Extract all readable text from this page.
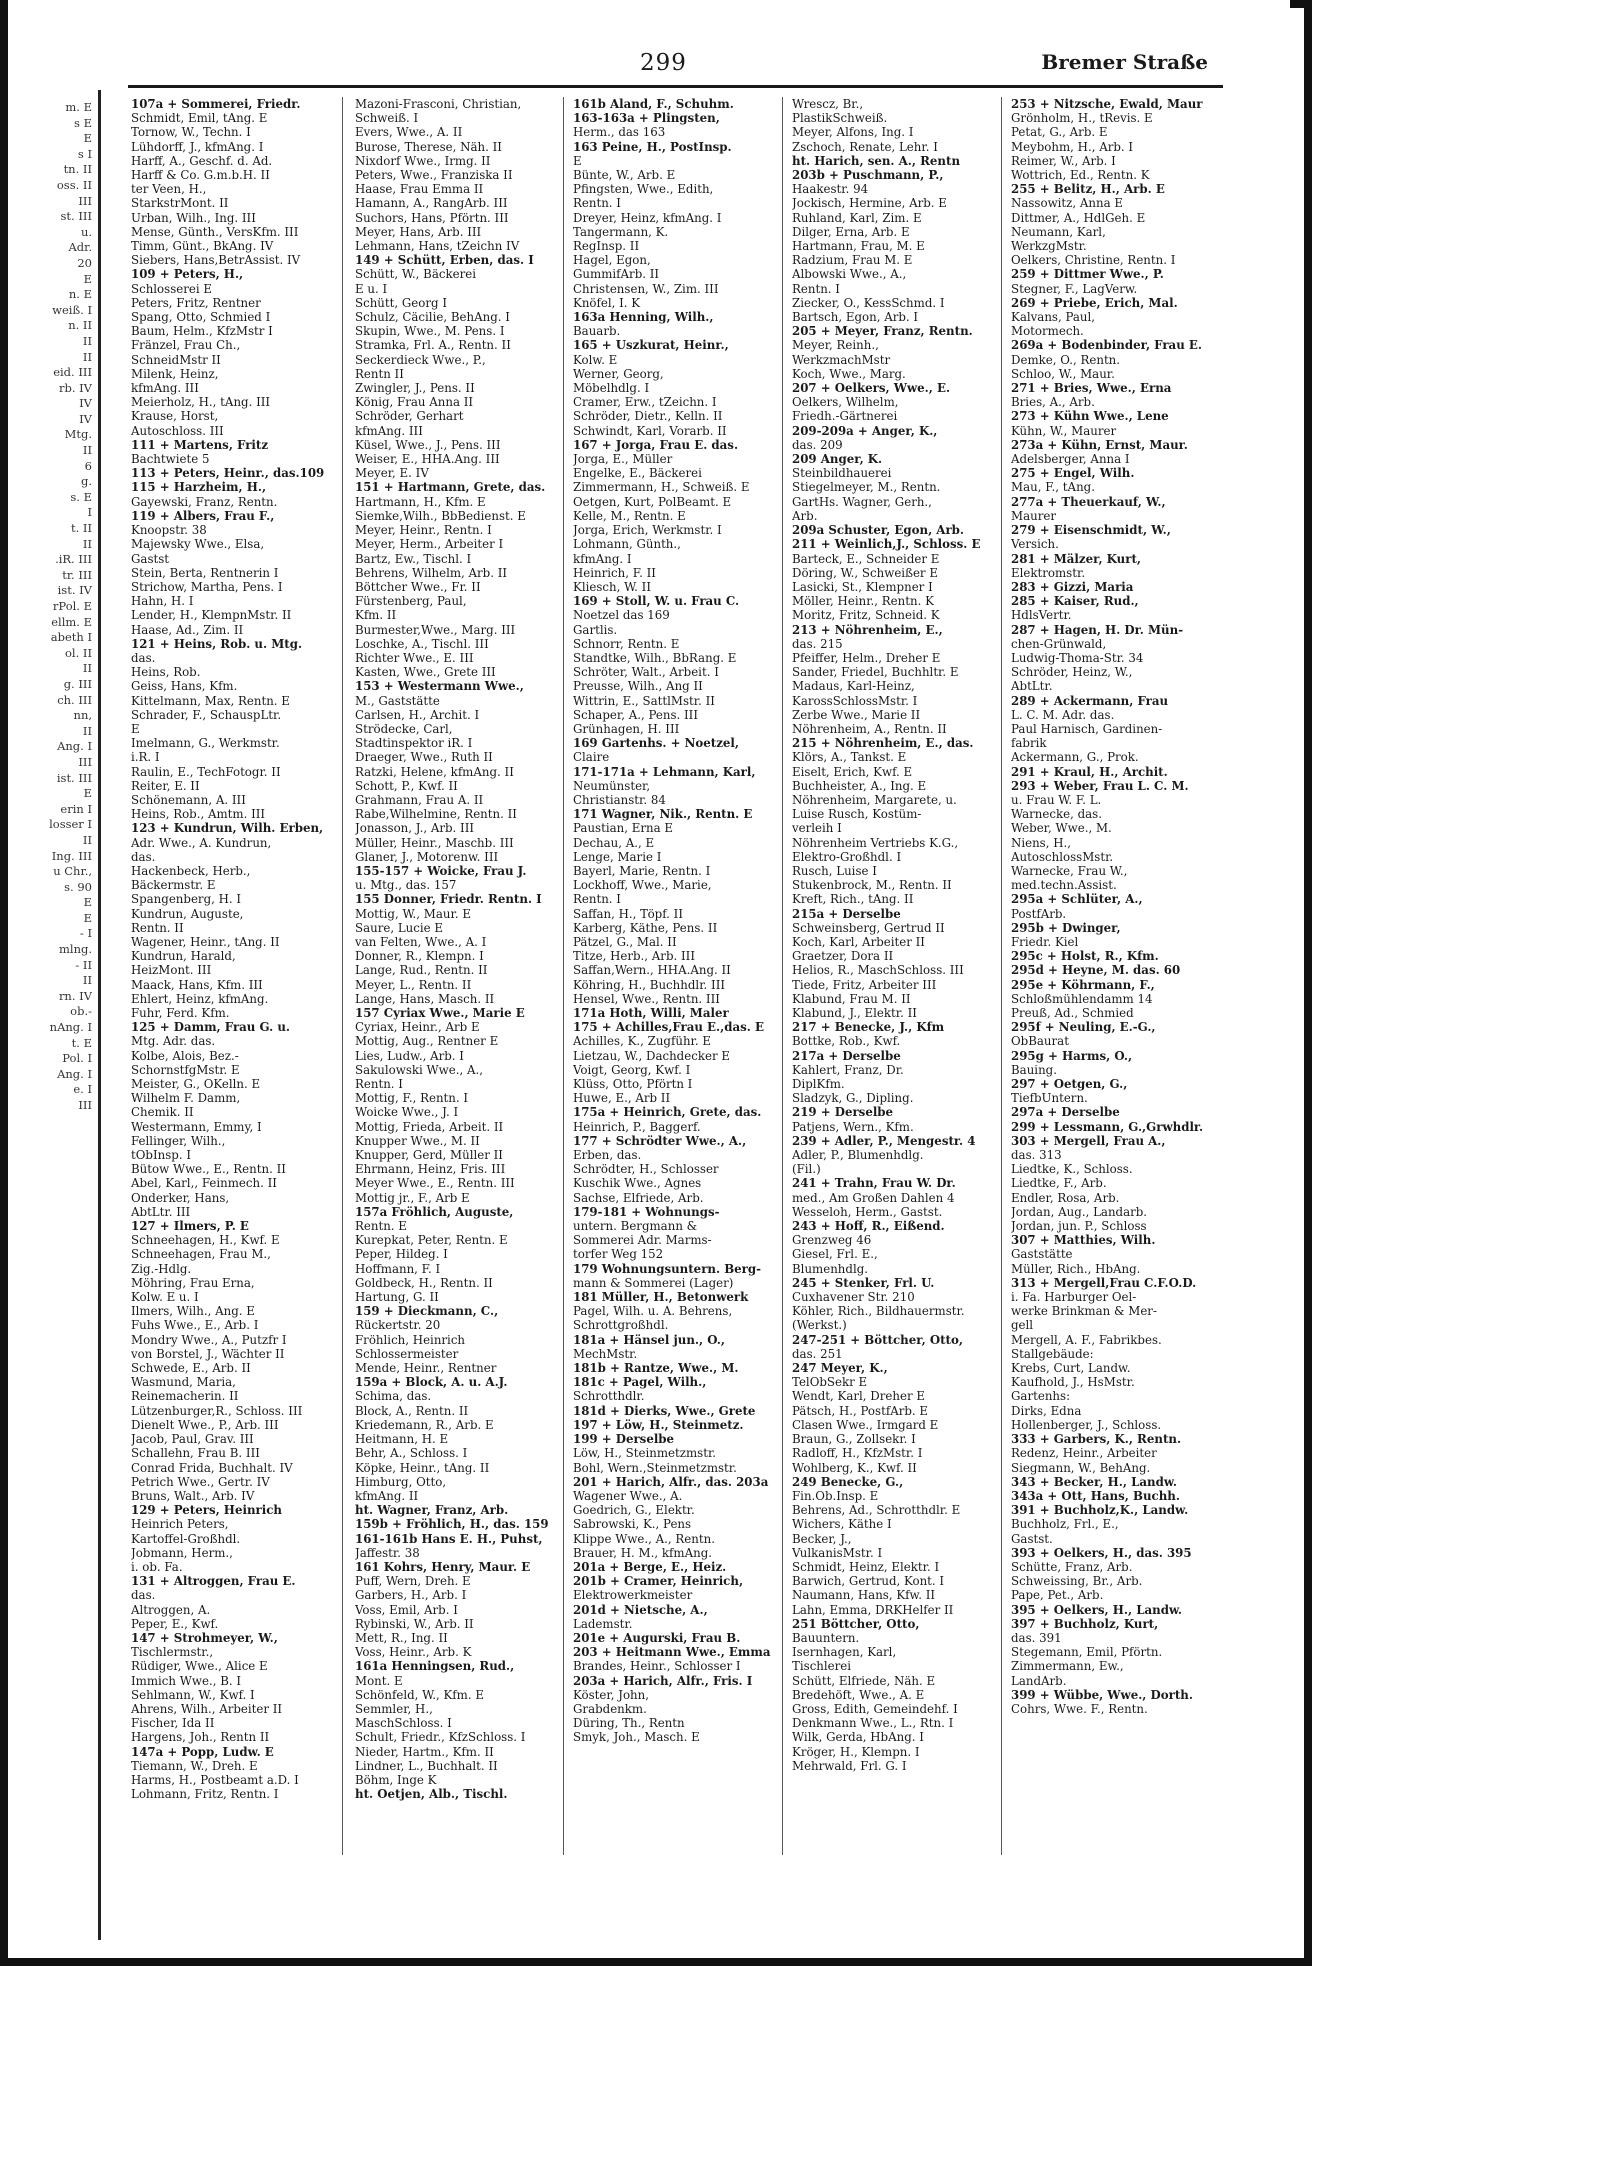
m. E
s E
E
s I
tn. II
oss. II
III
st. III
u.
Adr.
20
E
n. E
weiß. I
n. II
II
II
eid. III
rb. IV
IV
IV
Mtg.
II
6
g.
s. E
I
t. II
II
.iR. III
tr. III
ist. IV
rPol. E
ellm. E
abeth I
ol. II
II
g. III
ch. III
nn,
II
Ang. I
III
ist. III
E
erin I
losser I
II
Ing. III
u Chr.,
s. 90
E
E
- I
mlng.
- II
II
rn. IV
ob.-
nAng. I
t. E
Pol. I
Ang. I
e. I
III
299	Bremer Straße
107a + Sommerei, Friedr.
Schmidt, Emil, tAng. E
Tornow, W., Techn. I
Lühdorff, J., kfmAng. I
Harff, A., Geschf. d. Ad.
Harff & Co. G.m.b.H. II
ter Veen, H.,
StarkstrMont. II
Urban, Wilh., Ing. III
Mense, Günth., VersKfm. III
Timm, Günt., BkAng. IV
Siebers, Hans,BetrAssist. IV
109 + Peters, H.,
Schlosserei E
Peters, Fritz, Rentner
Spang, Otto, Schmied I
Baum, Helm., KfzMstr I
Fränzel, Frau Ch.,
SchneidMstr II
Milenk, Heinz,
kfmAng. III
Meierholz, H., tAng. III
Krause, Horst,
Autoschloss. III
111 + Martens, Fritz
Bachtwiete 5
113 + Peters, Heinr., das.109
115 + Harzheim, H.,
Gayewski, Franz, Rentn.
119 + Albers, Frau F.,
Knoopstr. 38
Majewsky Wwe., Elsa,
Gastst
Stein, Berta, Rentnerin I
Strichow, Martha, Pens. I
Hahn, H. I
Lender, H., KlempnMstr. II
Haase, Ad., Zim. II
121 + Heins, Rob. u. Mtg.
das.
Heins, Rob.
Geiss, Hans, Kfm.
Kittelmann, Max, Rentn. E
Schrader, F., SchauspLtr.
E
Imelmann, G., Werkmstr.
i.R. I
Raulin, E., TechFotogr. II
Reiter, E. II
Schönemann, A. III
Heins, Rob., Amtm. III
123 + Kundrun, Wilh. Erben,
Adr. Wwe., A. Kundrun,
das.
Hackenbeck, Herb.,
Bäckermstr. E
Spangenberg, H. I
Kundrun, Auguste,
Rentn. II
Wagener, Heinr., tAng. II
Kundrun, Harald,
HeizMont. III
Maack, Hans, Kfm. III
Ehlert, Heinz, kfmAng.
Fuhr, Ferd. Kfm.
125 + Damm, Frau G. u.
Mtg. Adr. das.
Kolbe, Alois, Bez.-
SchornstfgMstr. E
Meister, G., OKelln. E
Wilhelm F. Damm,
Chemik. II
Westermann, Emmy, I
Fellinger, Wilh.,
tObInsp. I
Bütow Wwe., E., Rentn. II
Abel, Karl,, Feinmech. II
Onderker, Hans,
AbtLtr. III
127 + Ilmers, P. E
Schneehagen, H., Kwf. E
Schneehagen, Frau M.,
Zig.-Hdlg.
Möhring, Frau Erna,
Kolw. E u. I
Ilmers, Wilh., Ang. E
Fuhs Wwe., E., Arb. I
Mondry Wwe., A., Putzfr I
von Borstel, J., Wächter II
Schwede, E., Arb. II
Wasmund, Maria,
Reinemacherin. II
Lützenburger,R., Schloss. III
Dienelt Wwe., P., Arb. III
Jacob, Paul, Grav. III
Schallehn, Frau B. III
Conrad Frida, Buchhalt. IV
Petrich Wwe., Gertr. IV
Bruns, Walt., Arb. IV
129 + Peters, Heinrich
Heinrich Peters,
Kartoffel-Großhdl.
Jobmann, Herm.,
i. ob. Fa.
131 + Altroggen, Frau E.
das.
Altroggen, A.
Peper, E., Kwf.
147 + Strohmeyer, W.,
Tischlermstr.,
Rüdiger, Wwe., Alice E
Immich Wwe., B. I
Sehlmann, W., Kwf. I
Ahrens, Wilh., Arbeiter II
Fischer, Ida II
Hargens, Joh., Rentn II
147a + Popp, Ludw. E
Tiemann, W., Dreh. E
Harms, H., Postbeamt a.D. I
Lohmann, Fritz, Rentn. I
Mazoni-Frasconi, Christian,
Schweiß. I
Evers, Wwe., A. II
Burose, Therese, Näh. II
Nixdorf Wwe., Irmg. II
Peters, Wwe., Franziska II
Haase, Frau Emma II
Hamann, A., RangArb. III
Suchors, Hans, Pförtn. III
Meyer, Hans, Arb. III
Lehmann, Hans, tZeichn IV
149 + Schütt, Erben, das. I
Schütt, W., Bäckerei
E u. I
Schütt, Georg I
Schulz, Cäcilie, BehAng. I
Skupin, Wwe., M. Pens. I
Stramka, Frl. A., Rentn. II
Seckerdieck Wwe., P.,
Rentn II
Zwingler, J., Pens. II
König, Frau Anna II
Schröder, Gerhart
kfmAng. III
Küsel, Wwe., J., Pens. III
Weiser, E., HHA.Ang. III
Meyer, E. IV
151 + Hartmann, Grete, das.
Hartmann, H., Kfm. E
Siemke,Wilh., BbBedienst. E
Meyer, Heinr., Rentn. I
Meyer, Herm., Arbeiter I
Bartz, Ew., Tischl. I
Behrens, Wilhelm, Arb. II
Böttcher Wwe., Fr. II
Fürstenberg, Paul,
Kfm. II
Burmester,Wwe., Marg. III
Loschke, A., Tischl. III
Richter Wwe., E. III
Kasten, Wwe., Grete III
153 + Westermann Wwe.,
M., Gaststätte
Carlsen, H., Archit. I
Strödecke, Carl,
Stadtinspektor iR. I
Draeger, Wwe., Ruth II
Ratzki, Helene, kfmAng. II
Schott, P., Kwf. II
Grahmann, Frau A. II
Rabe,Wilhelmine, Rentn. II
Jonasson, J., Arb. III
Müller, Heinr., Maschb. III
Glaner, J., Motorenw. III
155-157 + Woicke, Frau J.
u. Mtg., das. 157
155 Donner, Friedr. Rentn. I
Mottig, W., Maur. E
Saure, Lucie E
van Felten, Wwe., A. I
Donner, R., Klempn. I
Lange, Rud., Rentn. II
Meyer, L., Rentn. II
Lange, Hans, Masch. II
157 Cyriax Wwe., Marie E
Cyriax, Heinr., Arb E
Mottig, Aug., Rentner E
Lies, Ludw., Arb. I
Sakulowski Wwe., A.,
Rentn. I
Mottig, F., Rentn. I
Woicke Wwe., J. I
Mottig, Frieda, Arbeit. II
Knupper Wwe., M. II
Knupper, Gerd, Müller II
Ehrmann, Heinz, Fris. III
Meyer Wwe., E., Rentn. III
Mottig jr., F., Arb E
157a Fröhlich, Auguste,
Rentn. E
Kurepkat, Peter, Rentn. E
Peper, Hildeg. I
Hoffmann, F. I
Goldbeck, H., Rentn. II
Hartung, G. II
159 + Dieckmann, C.,
Rückertstr. 20
Fröhlich, Heinrich
Schlossermeister
Mende, Heinr., Rentner
159a + Block, A. u. A.J.
Schima, das.
Block, A., Rentn. II
Kriedemann, R., Arb. E
Heitmann, H. E
Behr, A., Schloss. I
Köpke, Heinr., tAng. II
Himburg, Otto,
kfmAng. II
ht. Wagner, Franz, Arb.
159b + Fröhlich, H., das. 159
161-161b Hans E. H., Puhst,
Jaffestr. 38
161 Kohrs, Henry, Maur. E
Puff, Wern, Dreh. E
Garbers, H., Arb. I
Voss, Emil, Arb. I
Rybinski, W., Arb. II
Mett, R., Ing. II
Voss, Heinr., Arb. K
161a Henningsen, Rud.,
Mont. E
Schönfeld, W., Kfm. E
Semmler, H.,
MaschSchloss. I
Schult, Friedr., KfzSchloss. I
Nieder, Hartm., Kfm. II
Lindner, L., Buchhalt. II
Böhm, Inge K
ht. Oetjen, Alb., Tischl.
161b Aland, F., Schuhm.
163-163a + Plingsten,
Herm., das 163
163 Peine, H., PostInsp.
E
Bünte, W., Arb. E
Pfingsten, Wwe., Edith,
Rentn. I
Dreyer, Heinz, kfmAng. I
Tangermann, K.
RegInsp. II
Hagel, Egon,
GummifArb. II
Christensen, W., Zim. III
Knöfel, I. K
163a Henning, Wilh.,
Bauarb.
165 + Uszkurat, Heinr.,
Kolw. E
Werner, Georg,
Möbelhdlg. I
Cramer, Erw., tZeichn. I
Schröder, Dietr., Kelln. II
Schwindt, Karl, Vorarb. II
167 + Jorga, Frau E. das.
Jorga, E., Müller
Engelke, E., Bäckerei
Zimmermann, H., Schweiß. E
Oetgen, Kurt, PolBeamt. E
Kelle, M., Rentn. E
Jorga, Erich, Werkmstr. I
Lohmann, Günth.,
kfmAng. I
Heinrich, F. II
Kliesch, W. II
169 + Stoll, W. u. Frau C.
Noetzel das 169
Gartlis.
Schnorr, Rentn. E
Standtke, Wilh., BbRang. E
Schröter, Walt., Arbeit. I
Preusse, Wilh., Ang II
Wittrin, E., SattlMstr. II
Schaper, A., Pens. III
Grünhagen, H. III
169 Gartenhs. + Noetzel,
Claire
171-171a + Lehmann, Karl,
Neumünster,
Christianstr. 84
171 Wagner, Nik., Rentn. E
Paustian, Erna E
Dechau, A., E
Lenge, Marie I
Bayerl, Marie, Rentn. I
Lockhoff, Wwe., Marie,
Rentn. I
Saffan, H., Töpf. II
Karberg, Käthe, Pens. II
Pätzel, G., Mal. II
Titze, Herb., Arb. III
Saffan,Wern., HHA.Ang. II
Köhring, H., Buchhdlr. III
Hensel, Wwe., Rentn. III
171a Hoth, Willi, Maler
175 + Achilles,Frau E.,das. E
Achilles, K., Zugführ. E
Lietzau, W., Dachdecker E
Voigt, Georg, Kwf. I
Klüss, Otto, Pförtn I
Huwe, E., Arb II
175a + Heinrich, Grete, das.
Heinrich, P., Baggerf.
177 + Schrödter Wwe., A.,
Erben, das.
Schrödter, H., Schlosser
Kuschik Wwe., Agnes
Sachse, Elfriede, Arb.
179-181 + Wohnungs-
untern. Bergmann &
Sommerei Adr. Marms-
torfer Weg 152
179 Wohnungsuntern. Berg-
mann & Sommerei (Lager)
181 Müller, H., Betonwerk
Pagel, Wilh. u. A. Behrens,
Schrottgroßhdl.
181a + Hänsel jun., O.,
MechMstr.
181b + Rantze, Wwe., M.
181c + Pagel, Wilh.,
Schrotthdlr.
181d + Dierks, Wwe., Grete
197 + Löw, H., Steinmetz.
199 + Derselbe
Löw, H., Steinmetzmstr.
Bohl, Wern.,Steinmetzmstr.
201 + Harich, Alfr., das. 203a
Wagener Wwe., A.
Goedrich, G., Elektr.
Sabrowski, K., Pens
Klippe Wwe., A., Rentn.
Brauer, H. M., kfmAng.
201a + Berge, E., Heiz.
201b + Cramer, Heinrich,
Elektrowerkmeister
201d + Nietsche, A.,
Lademstr.
201e + Augurski, Frau B.
203 + Heitmann Wwe., Emma
Brandes, Heinr., Schlosser I
203a + Harich, Alfr., Fris. I
Köster, John,
Grabdenkm.
Düring, Th., Rentn
Smyk, Joh., Masch. E
Wrescz, Br.,
PlastikSchweiß.
Meyer, Alfons, Ing. I
Zschoch, Renate, Lehr. I
ht. Harich, sen. A., Rentn
203b + Puschmann, P.,
Haakestr. 94
Jockisch, Hermine, Arb. E
Ruhland, Karl, Zim. E
Dilger, Erna, Arb. E
Hartmann, Frau, M. E
Radzium, Frau M. E
Albowski Wwe., A.,
Rentn. I
Ziecker, O., KessSchmd. I
Bartsch, Egon, Arb. I
205 + Meyer, Franz, Rentn.
Meyer, Reinh.,
WerkzmachMstr
Koch, Wwe., Marg.
207 + Oelkers, Wwe., E.
Oelkers, Wilhelm,
Friedh.-Gärtnerei
209-209a + Anger, K.,
das. 209
209 Anger, K.
Steinbildhauerei
Stiegelmeyer, M., Rentn.
GartHs. Wagner, Gerh.,
Arb.
209a Schuster, Egon, Arb.
211 + Weinlich,J., Schloss. E
Barteck, E., Schneider E
Döring, W., Schweißer E
Lasicki, St., Klempner I
Möller, Heinr., Rentn. K
Moritz, Fritz, Schneid. K
213 + Nöhrenheim, E.,
das. 215
Pfeiffer, Helm., Dreher E
Sander, Friedel, Buchhltr. E
Madaus, Karl-Heinz,
KarossSchlossMstr. I
Zerbe Wwe., Marie II
Nöhrenheim, A., Rentn. II
215 + Nöhrenheim, E., das.
Klörs, A., Tankst. E
Eiselt, Erich, Kwf. E
Buchheister, A., Ing. E
Nöhrenheim, Margarete, u.
Luise Rusch, Kostüm-
verleih I
Nöhrenheim Vertriebs K.G.,
Elektro-Großhdl. I
Rusch, Luise I
Stukenbrock, M., Rentn. II
Kreft, Rich., tAng. II
215a + Derselbe
Schweinsberg, Gertrud II
Koch, Karl, Arbeiter II
Graetzer, Dora II
Helios, R., MaschSchloss. III
Tiede, Fritz, Arbeiter III
Klabund, Frau M. II
Klabund, J., Elektr. II
217 + Benecke, J., Kfm
Bottke, Rob., Kwf.
217a + Derselbe
Kahlert, Franz, Dr.
DiplKfm.
Sladzyk, G., Dipling.
219 + Derselbe
Patjens, Wern., Kfm.
239 + Adler, P., Mengestr. 4
Adler, P., Blumenhdlg.
(Fil.)
241 + Trahn, Frau W. Dr.
med., Am Großen Dahlen 4
Wesseloh, Herm., Gastst.
243 + Hoff, R., Eißend.
Grenzweg 46
Giesel, Frl. E.,
Blumenhdlg.
245 + Stenker, Frl. U.
Cuxhavener Str. 210
Köhler, Rich., Bildhauermstr.
(Werkst.)
247-251 + Böttcher, Otto,
das. 251
247 Meyer, K.,
TelObSekr E
Wendt, Karl, Dreher E
Pätsch, H., PostfArb. E
Clasen Wwe., Irmgard E
Braun, G., Zollsekr. I
Radloff, H., KfzMstr. I
Wohlberg, K., Kwf. II
249 Benecke, G.,
Fin.Ob.Insp. E
Behrens, Ad., Schrotthdlr. E
Wichers, Käthe I
Becker, J.,
VulkanisMstr. I
Schmidt, Heinz, Elektr. I
Barwich, Gertrud, Kont. I
Naumann, Hans, Kfw. II
Lahn, Emma, DRKHelfer II
251 Böttcher, Otto,
Bauuntern.
Isernhagen, Karl,
Tischlerei
Schütt, Elfriede, Näh. E
Bredehöft, Wwe., A. E
Gross, Edith, Gemeindehf. I
Denkmann Wwe., L., Rtn. I
Wilk, Gerda, HbAng. I
Kröger, H., Klempn. I
Mehrwald, Frl. G. I
253 + Nitzsche, Ewald, Maur
Grönholm, H., tRevis. E
Petat, G., Arb. E
Meybohm, H., Arb. I
Reimer, W., Arb. I
Wottrich, Ed., Rentn. K
255 + Belitz, H., Arb. E
Nassowitz, Anna E
Dittmer, A., HdlGeh. E
Neumann, Karl,
WerkzgMstr.
Oelkers, Christine, Rentn. I
259 + Dittmer Wwe., P.
Stegner, F., LagVerw.
269 + Priebe, Erich, Mal.
Kalvans, Paul,
Motormech.
269a + Bodenbinder, Frau E.
Demke, O., Rentn.
Schloo, W., Maur.
271 + Bries, Wwe., Erna
Bries, A., Arb.
273 + Kühn Wwe., Lene
Kühn, W., Maurer
273a + Kühn, Ernst, Maur.
Adelsberger, Anna I
275 + Engel, Wilh.
Mau, F., tAng.
277a + Theuerkauf, W.,
Maurer
279 + Eisenschmidt, W.,
Versich.
281 + Mälzer, Kurt,
Elektromstr.
283 + Gizzi, Maria
285 + Kaiser, Rud.,
HdlsVertr.
287 + Hagen, H. Dr. Mün-
chen-Grünwald,
Ludwig-Thoma-Str. 34
Schröder, Heinz, W.,
AbtLtr.
289 + Ackermann, Frau
L. C. M. Adr. das.
Paul Harnisch, Gardinen-
fabrik
Ackermann, G., Prok.
291 + Kraul, H., Archit.
293 + Weber, Frau L. C. M.
u. Frau W. F. L.
Warnecke, das.
Weber, Wwe., M.
Niens, H.,
AutoschlossMstr.
Warnecke, Frau W.,
med.techn.Assist.
295a + Schlüter, A.,
PostfArb.
295b + Dwinger,
Friedr. Kiel
295c + Holst, R., Kfm.
295d + Heyne, M. das. 60
295e + Köhrmann, F.,
Schloßmühlendamm 14
Preuß, Ad., Schmied
295f + Neuling, E.-G.,
ObBaurat
295g + Harms, O.,
Bauing.
297 + Oetgen, G.,
TiefbUntern.
297a + Derselbe
299 + Lessmann, G.,Grwhdlr.
303 + Mergell, Frau A.,
das. 313
Liedtke, K., Schloss.
Liedtke, F., Arb.
Endler, Rosa, Arb.
Jordan, Aug., Landarb.
Jordan, jun. P., Schloss
307 + Matthies, Wilh.
Gaststätte
Müller, Rich., HbAng.
313 + Mergell,Frau C.F.O.D.
i. Fa. Harburger Oel-
werke Brinkman & Mer-
gell
Mergell, A. F., Fabrikbes.
Stallgebäude:
Krebs, Curt, Landw.
Kaufhold, J., HsMstr.
Gartenhs:
Dirks, Edna
Hollenberger, J., Schloss.
333 + Garbers, K., Rentn.
Redenz, Heinr., Arbeiter
Siegmann, W., BehAng.
343 + Becker, H., Landw.
343a + Ott, Hans, Buchh.
391 + Buchholz,K., Landw.
Buchholz, Frl., E.,
Gastst.
393 + Oelkers, H., das. 395
Schütte, Franz, Arb.
Schweissing, Br., Arb.
Pape, Pet., Arb.
395 + Oelkers, H., Landw.
397 + Buchholz, Kurt,
das. 391
Stegemann, Emil, Pförtn.
Zimmermann, Ew.,
LandArb.
399 + Wübbe, Wwe., Dorth.
Cohrs, Wwe. F., Rentn.
